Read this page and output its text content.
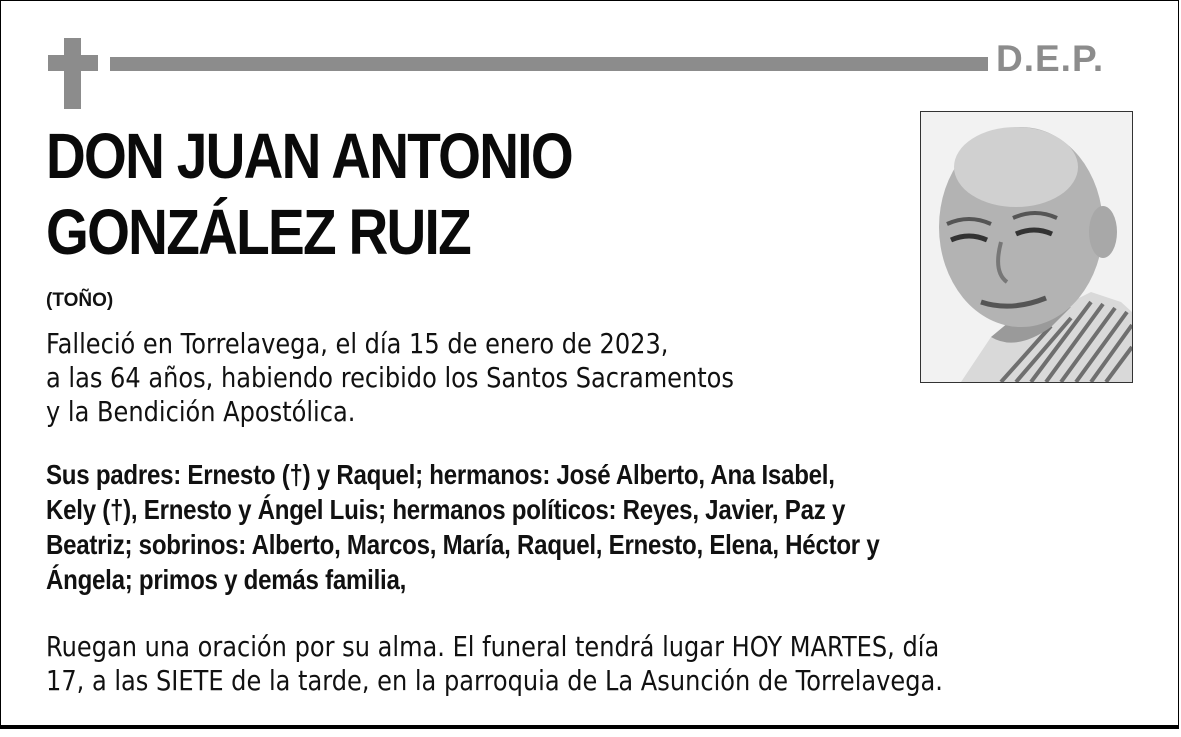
D.E.P.
DON JUAN ANTONIO
GONZÁLEZ RUIZ
(TOÑO)
Falleció en Torrelavega, el día 15 de enero de 2023,
a las 64 años, habiendo recibido los Santos Sacramentos
y la Bendición Apostólica.
Sus padres: Ernesto (†) y Raquel; hermanos: José Alberto, Ana Isabel,
Kely (†), Ernesto y Ángel Luis; hermanos políticos: Reyes, Javier, Paz y
Beatriz; sobrinos: Alberto, Marcos, María, Raquel, Ernesto, Elena, Héctor y
Ángela; primos y demás familia,
Ruegan una oración por su alma. El funeral tendrá lugar HOY MARTES, día
17, a las SIETE de la tarde, en la parroquia de La Asunción de Torrelavega.
